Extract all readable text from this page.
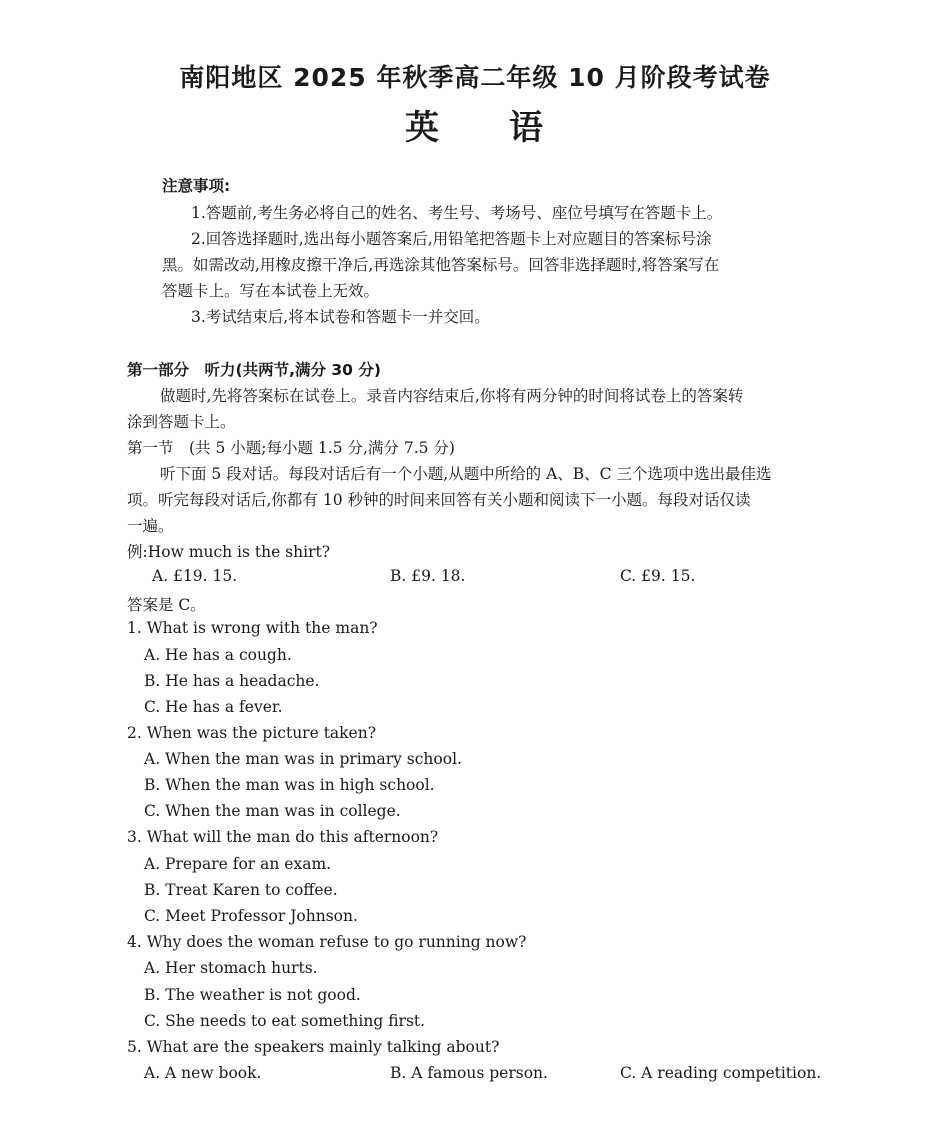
南阳地区 2025 年秋季高二年级 10 月阶段考试卷
英 语
注意事项:
1.答题前,考生务必将自己的姓名、考生号、考场号、座位号填写在答题卡上。
2.回答选择题时,选出每小题答案后,用铅笔把答题卡上对应题目的答案标号涂
黑。如需改动,用橡皮擦干净后,再选涂其他答案标号。回答非选择题时,将答案写在
答题卡上。写在本试卷上无效。
3.考试结束后,将本试卷和答题卡一并交回。
第一部分　听力(共两节,满分 30 分)
做题时,先将答案标在试卷上。录音内容结束后,你将有两分钟的时间将试卷上的答案转
涂到答题卡上。
第一节　(共 5 小题;每小题 1.5 分,满分 7.5 分)
听下面 5 段对话。每段对话后有一个小题,从题中所给的 A、B、C 三个选项中选出最佳选
项。听完每段对话后,你都有 10 秒钟的时间来回答有关小题和阅读下一小题。每段对话仅读
一遍。
例:How much is the shirt?
A. £19. 15.	B. £9. 18.	C. £9. 15.
答案是 C。
1. What is wrong with the man?
A. He has a cough.
B. He has a headache.
C. He has a fever.
2. When was the picture taken?
A. When the man was in primary school.
B. When the man was in high school.
C. When the man was in college.
3. What will the man do this afternoon?
A. Prepare for an exam.
B. Treat Karen to coffee.
C. Meet Professor Johnson.
4. Why does the woman refuse to go running now?
A. Her stomach hurts.
B. The weather is not good.
C. She needs to eat something first.
5. What are the speakers mainly talking about?
A. A new book.	B. A famous person.	C. A reading competition.
